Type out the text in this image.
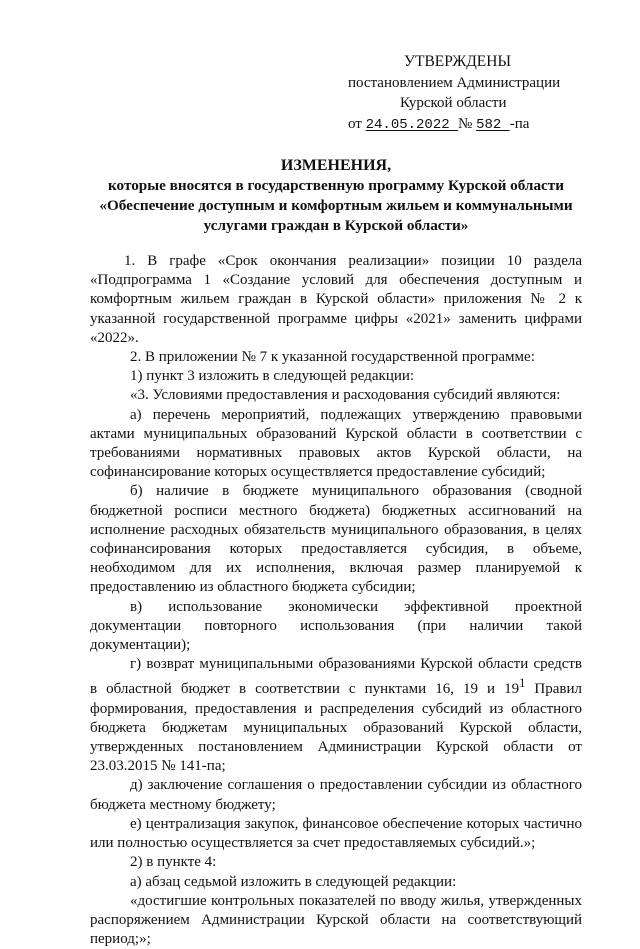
УТВЕРЖДЕНЫ
постановлением Администрации
Курской области
от 24.05.2022 № 582 -па
ИЗМЕНЕНИЯ,
которые вносятся в государственную программу Курской области
«Обеспечение доступным и комфортным жильем и коммунальными
услугами граждан в Курской области»

1. В графе «Срок окончания реализации» позиции 10 раздела «Подпрограмма 1 «Создание условий для обеспечения доступным и комфортным жильем граждан в Курской области» приложения № 2 к указанной государственной программе цифры «2021» заменить цифрами «2022».

2. В приложении № 7 к указанной государственной программе:

1) пункт 3 изложить в следующей редакции:

«3. Условиями предоставления и расходования субсидий являются:

а) перечень мероприятий, подлежащих утверждению правовыми актами муниципальных образований Курской области в соответствии с требованиями нормативных правовых актов Курской области, на софинансирование которых осуществляется предоставление субсидий;

б) наличие в бюджете муниципального образования (сводной бюджетной росписи местного бюджета) бюджетных ассигнований на исполнение расходных обязательств муниципального образования, в целях софинансирования которых предоставляется субсидия, в объеме, необходимом для их исполнения, включая размер планируемой к предоставлению из областного бюджета субсидии;

в) использование экономически эффективной проектной документации повторного использования (при наличии такой документации);

г) возврат муниципальными образованиями Курской области средств в областной бюджет в соответствии с пунктами 16, 19 и $19^1$ Правил формирования, предоставления и распределения субсидий из областного бюджета бюджетам муниципальных образований Курской области, утвержденных постановлением Администрации Курской области от 23.03.2015 № 141-па;

д) заключение соглашения о предоставлении субсидии из областного бюджета местному бюджету;

е) централизация закупок, финансовое обеспечение которых частично или полностью осуществляется за счет предоставляемых субсидий.»;

2) в пункте 4:

а) абзац седьмой изложить в следующей редакции:

«достигшие контрольных показателей по вводу жилья, утвержденных распоряжением Администрации Курской области на соответствующий период;»;
